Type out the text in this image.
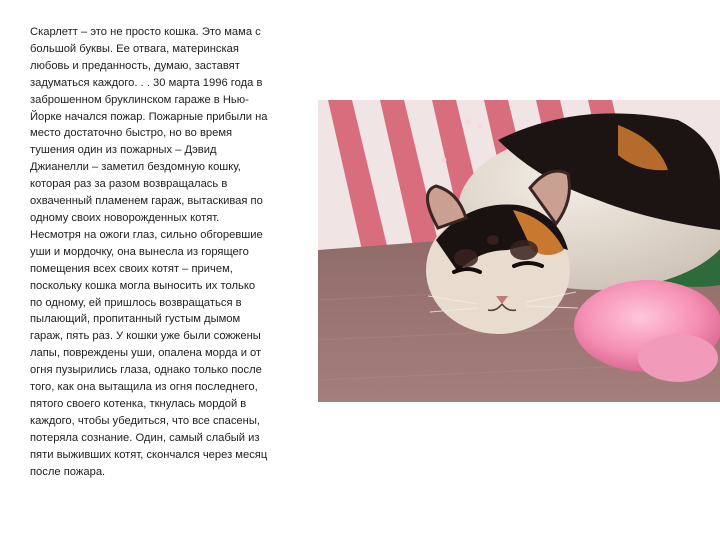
Скарлетт – это не просто кошка. Это мама с
большой буквы. Ее отвага, материнская
любовь и преданность, думаю, заставят
задуматься каждого. . . 30 марта 1996 года в
заброшенном бруклинском гараже в Нью-
Йорке начался пожар. Пожарные прибыли на
место достаточно быстро, но во время
тушения один из пожарных – Дэвид
Джианелли – заметил бездомную кошку,
которая раз за разом возвращалась в
охваченный пламенем гараж, вытаскивая по
одному своих новорожденных котят.
Несмотря на ожоги глаз, сильно обгоревшие
уши и мордочку, она вынесла из горящего
помещения всех своих котят – причем,
поскольку кошка могла выносить их только
по одному, ей пришлось возвращаться в
пылающий, пропитанный густым дымом
гараж, пять раз. У кошки уже были сожжены
лапы, повреждены уши, опалена морда и от
огня пузырились глаза, однако только после
того, как она вытащила из огня последнего,
пятого своего котенка, ткнулась мордой в
каждого, чтобы убедиться, что все спасены,
потеряла сознание. Один, самый слабый из
пяти выживших котят, скончался через месяц
после пожара.
